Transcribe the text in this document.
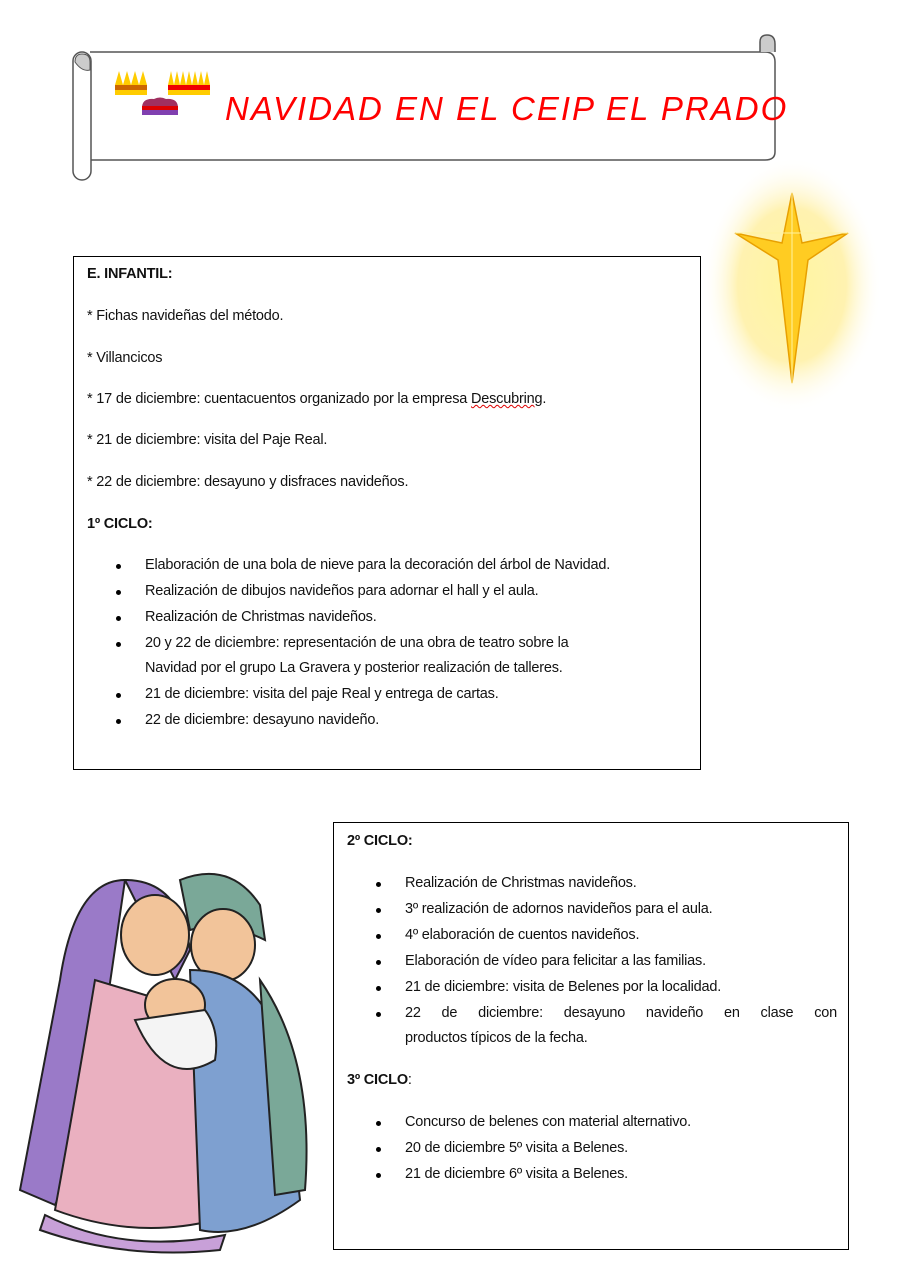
NAVIDAD EN EL CEIP EL PRADO
E. INFANTIL:
* Fichas navideñas del método.
* Villancicos
* 17 de diciembre: cuentacuentos organizado por la empresa Descubring.
* 21 de diciembre: visita del Paje Real.
* 22 de diciembre: desayuno y disfraces navideños.
1º CICLO:
Elaboración de una bola de nieve para la decoración del árbol de Navidad.
Realización de dibujos navideños para adornar el hall y el aula.
Realización de Christmas navideños.
20 y 22 de diciembre: representación de una obra de teatro sobre la
Navidad por el grupo La Gravera y posterior realización de talleres.
21 de diciembre: visita del paje Real y entrega de cartas.
22 de diciembre: desayuno navideño.
2º CICLO:
Realización de Christmas navideños.
3º realización de adornos navideños para el aula.
4º elaboración de cuentos navideños.
Elaboración de vídeo para felicitar a las familias.
21 de diciembre: visita de Belenes por la localidad.
22 de diciembre: desayuno navideño en clase con
productos típicos de la fecha.
3º CICLO:
Concurso de belenes con material alternativo.
20 de diciembre 5º visita a Belenes.
21 de diciembre 6º visita a Belenes.
